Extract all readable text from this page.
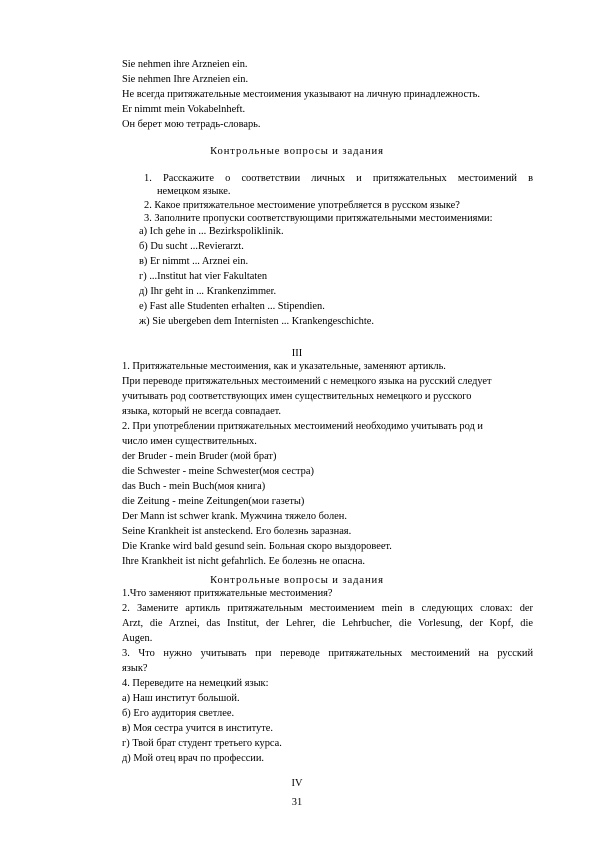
Sie nehmen ihre Arzneien ein.
Sie nehmen Ihre Arzneien ein.
Не всегда притяжательные местоимения указывают на личную принадлежность.
Er nimmt mein Vokabelnheft.
Он берет мою тетрадь-словарь.
Контрольные вопросы и задания
1. Расскажите о соответствии личных и притяжательных местоимений в
немецком языке.
2. Какое притяжательное местоимение употребляется в русском языке?
3. Заполните пропуски соответствующими притяжательными местоимениями:
а) Ich gehe in ... Bezirkspoliklinik.
б) Du sucht ...Revierarzt.
в) Er nimmt ... Arznei ein.
г) ...Institut hat vier Fakultaten
д) Ihr geht in ... Krankenzimmer.
е) Fast alle Studenten erhalten ... Stipendien.
ж) Sie ubergeben dem Internisten ... Krankengeschichte.
III
1. Притяжательные местоимения, как и указательные, заменяют артикль.
При переводе притяжательных местоимений с немецкого языка на русский следует
учитывать род соответствующих имен существительных немецкого и русского
языка, который не всегда совпадает.
2. При употреблении притяжательных местоимений необходимо учитывать род и
число имен существительных.
der Bruder - mein Bruder (мой брат)
die Schwester - meine Schwester(моя сестра)
das Buch - mein Buch(моя книга)
die Zeitung - meine Zeitungen(мои газеты)
Der Mann ist schwer krank. Мужчина тяжело болен.
Seine Krankheit ist ansteckend. Его болезнь заразная.
Die Kranke wird bald gesund sein. Больная скоро выздоровеет.
Ihre Krankheit ist nicht gefahrlich. Ее болезнь не опасна.
Контрольные вопросы и задания
1.Что заменяют притяжательные местоимения?
2. Замените артикль притяжательным местоимением mein в следующих словах: der
Arzt, die Arznei, das Institut, der Lehrer, die Lehrbucher, die Vorlesung, der Kopf, die
Augen.
3. Что нужно учитывать при переводе притяжательных местоимений на русский
язык?
4. Переведите на немецкий язык:
а) Наш институт большой.
б) Его аудитория светлее.
в) Моя сестра учится в институте.
г) Твой брат студент третьего курса.
д) Мой отец врач по профессии.
IV
31
